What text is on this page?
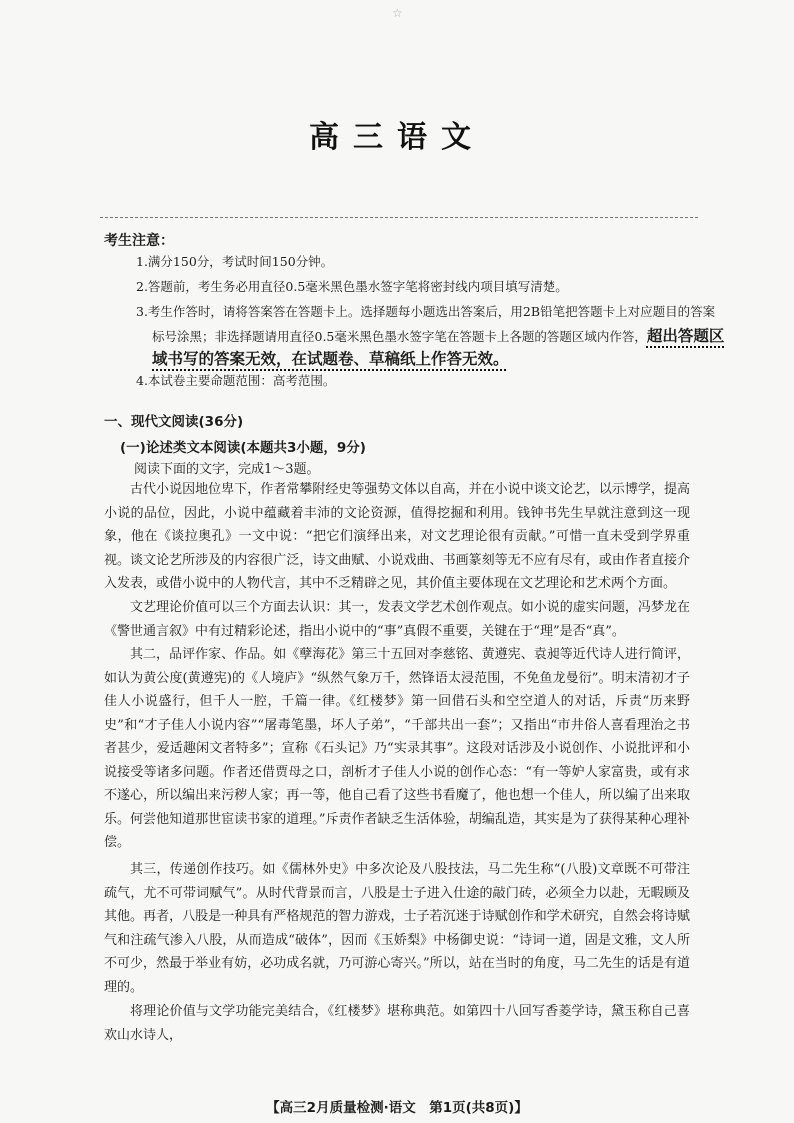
☆
高三语文
考生注意：
1.满分150分，考试时间150分钟。
2.答题前，考生务必用直径0.5毫米黑色墨水签字笔将密封线内项目填写清楚。
3.考生作答时，请将答案答在答题卡上。选择题每小题选出答案后，用2B铅笔把答题卡上对应题目的答案
标号涂黑；非选择题请用直径0.5毫米黑色墨水签字笔在答题卡上各题的答题区域内作答，超出答题区
域书写的答案无效，在试题卷、草稿纸上作答无效。
4.本试卷主要命题范围：高考范围。
一、现代文阅读(36分)
(一)论述类文本阅读(本题共3小题，9分)
阅读下面的文字，完成1～3题。

古代小说因地位卑下，作者常攀附经史等强势文体以自高，并在小说中谈文论艺，以示博学，提高小说的品位，因此，小说中蕴藏着丰沛的文论资源，值得挖掘和利用。钱钟书先生早就注意到这一现象，他在《谈拉奥孔》一文中说：“把它们演绎出来，对文艺理论很有贡献。”可惜一直未受到学界重视。谈文论艺所涉及的内容很广泛，诗文曲赋、小说戏曲、书画篆刻等无不应有尽有，或由作者直接介入发表，或借小说中的人物代言，其中不乏精辟之见，其价值主要体现在文艺理论和艺术两个方面。

文艺理论价值可以三个方面去认识：其一，发表文学艺术创作观点。如小说的虚实问题，冯梦龙在《警世通言叙》中有过精彩论述，指出小说中的“事”真假不重要，关键在于“理”是否“真”。

其二，品评作家、作品。如《孽海花》第三十五回对李慈铭、黄遵宪、袁昶等近代诗人进行简评，如认为黄公度(黄遵宪)的《人境庐》“纵然气象万千，然锋语太浸范围，不免鱼龙曼衍”。明末清初才子佳人小说盛行，但千人一腔，千篇一律。《红楼梦》第一回借石头和空空道人的对话，斥责“历来野史”和“才子佳人小说内容”“屠毒笔墨，坏人子弟”，“千部共出一套”；又指出“市井俗人喜看理治之书者甚少，爱适趣闲文者特多”；宣称《石头记》乃“实录其事”。这段对话涉及小说创作、小说批评和小说接受等诸多问题。作者还借贾母之口，剖析才子佳人小说的创作心态：“有一等妒人家富贵，或有求不遂心，所以编出来污秽人家；再一等，他自己看了这些书看魔了，他也想一个佳人，所以编了出来取乐。何尝他知道那世宦读书家的道理。”斥责作者缺乏生活体验，胡编乱造，其实是为了获得某种心理补偿。

其三，传递创作技巧。如《儒林外史》中多次论及八股技法，马二先生称“(八股)文章既不可带注疏气，尤不可带词赋气”。从时代背景而言，八股是士子进入仕途的敲门砖，必须全力以赴，无暇顾及其他。再者，八股是一种具有严格规范的智力游戏，士子若沉迷于诗赋创作和学术研究，自然会将诗赋气和注疏气渗入八股，从而造成“破体”，因而《玉娇梨》中杨御史说：“诗词一道，固是文雅，文人所不可少，然最于举业有妨，必功成名就，乃可游心寄兴。”所以，站在当时的角度，马二先生的话是有道理的。

将理论价值与文学功能完美结合，《红楼梦》堪称典范。如第四十八回写香菱学诗，黛玉称自己喜欢山水诗人，

【高三2月质量检测·语文　第1页(共8页)】
